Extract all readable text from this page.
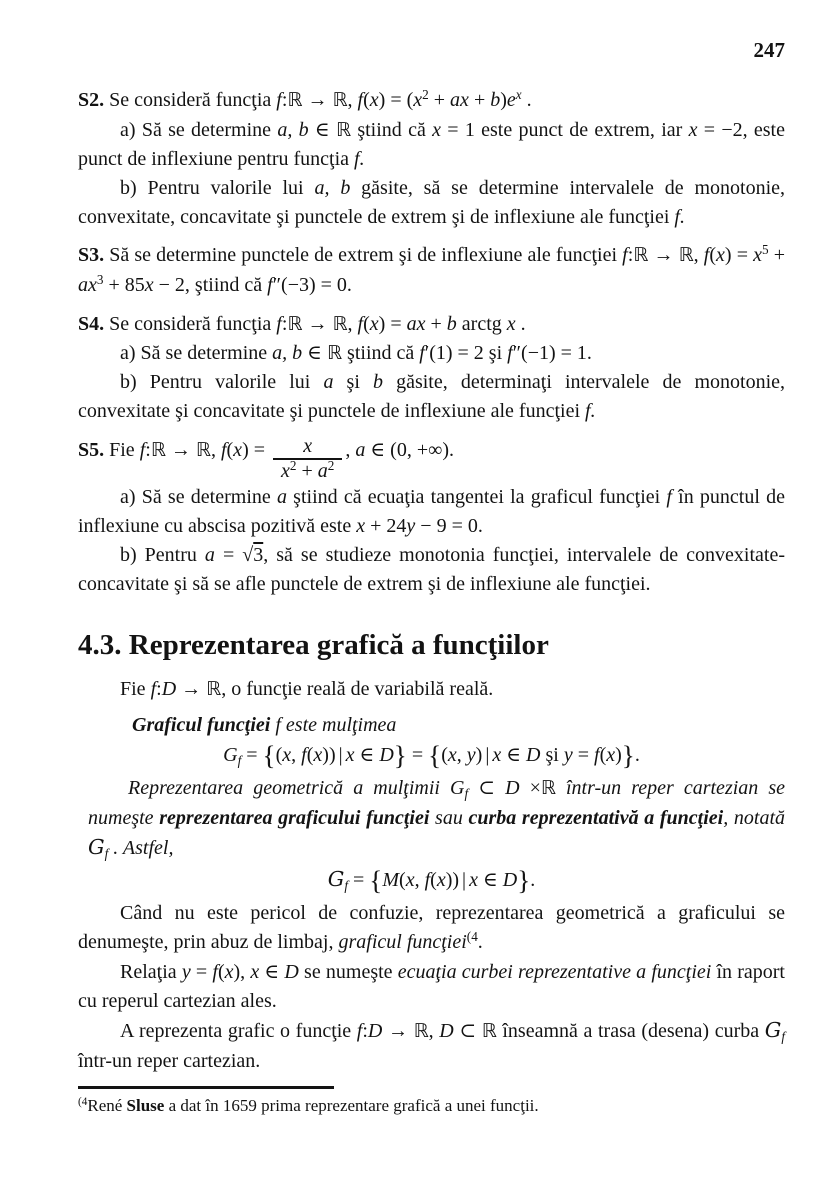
247

S2. Se consideră funcţia f:ℝ → ℝ, $f(x) = (x^2$ + ax + $b)e^x$ .

a) Să se determine a, b ∈ ℝ ştiind că x = 1 este punct de extrem, iar x = −2, este punct de inflexiune pentru funcţia f.

b) Pentru valorile lui a, b găsite, să se determine intervalele de monotonie, convexitate, concavitate şi punctele de extrem şi de inflexiune ale funcţiei f.

S3. Să se determine punctele de extrem şi de inflexiune ale funcţiei f:ℝ → ℝ, $f(x) = x^5 + ax^3 + 85x - 2$, ştiind că f″(−3) = 0.

S4. Se consideră funcţia f:ℝ → ℝ, f(x) = ax + b arctg x .

a) Să se determine a, b ∈ ℝ ştiind că f′(1) = 2 şi f″(−1) = 1.

b) Pentru valorile lui a şi b găsite, determinaţi intervalele de monotonie, convexitate şi concavitate şi punctele de inflexiune ale funcţiei f.

S5. Fie f:ℝ → ℝ, $f(x) = \frac{x}{x^2 + a^2}$ , a ∈ (0, +∞).

a) Să se determine a ştiind că ecuaţia tangentei la graficul funcţiei f în punctul de inflexiune cu abscisa pozitivă este x + 24y − 9 = 0.

b) Pentru a = √3, să se studieze monotonia funcţiei, intervalele de convexitate-concavitate şi să se afle punctele de extrem şi de inflexiune ale funcţiei.

4.3. Reprezentarea grafică a funcţiilor

Fie f:D → ℝ, o funcţie reală de variabilă reală.

Graficul funcţiei f este mulţimea

$G_f = \{(x$, f(x)) | x ∈ D} = {(x, y) | x ∈ D şi y = f(x)}.

Reprezentarea geometrică a mulţimii $G_f$ ⊂ D ×ℝ într-un reper cartezian se numeşte reprezentarea graficului funcţiei sau curba reprezentativă a funcţiei, notată $G_f$ . Astfel,

$G_f = \{M(x$, f(x)) | x ∈ D}.

Când nu este pericol de confuzie, reprezentarea geometrică a graficului se denumeşte, prin abuz de limbaj, graficul funcţiei$^{(4}$.

Relaţia y = f(x), x ∈ D se numeşte ecuaţia curbei reprezentative a funcţiei în raport cu reperul cartezian ales.

A reprezenta grafic o funcţie f:D → ℝ, D ⊂ ℝ înseamnă a trasa (desena) curba $G_f$ într-un reper cartezian.

$^{(4}$René Sluse a dat în 1659 prima reprezentare grafică a unei funcţii.
